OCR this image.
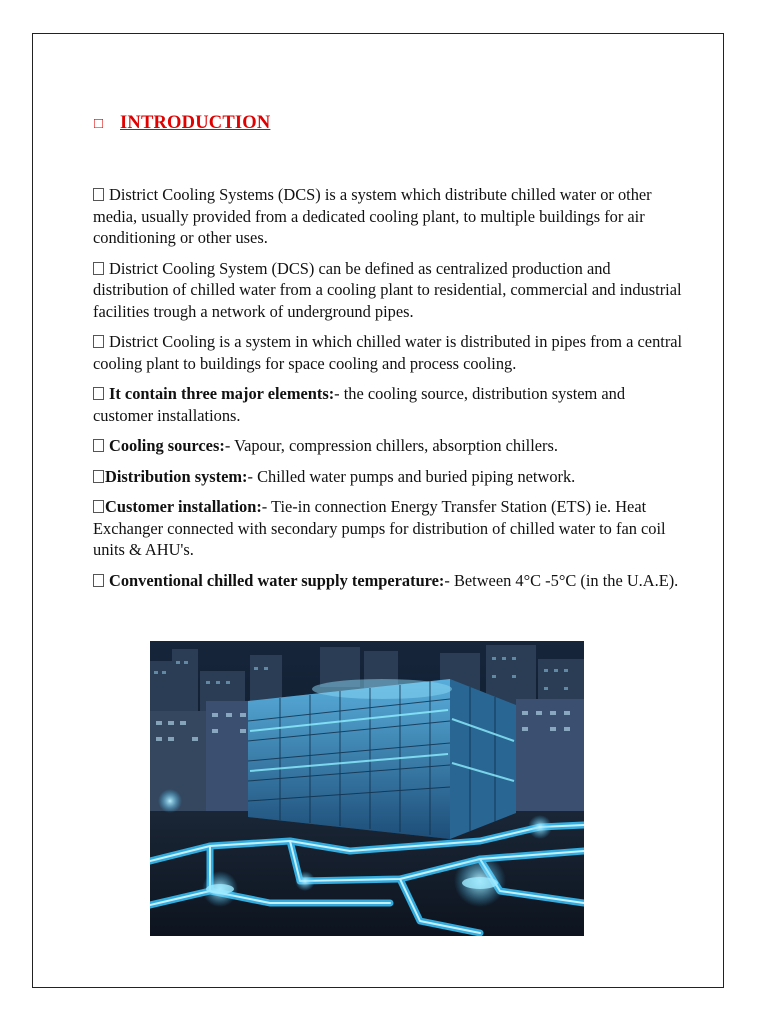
□ INTRODUCTION

District Cooling Systems (DCS) is a system which distribute chilled water or other media, usually provided from a dedicated cooling plant, to multiple buildings for air conditioning or other uses.

District Cooling System (DCS) can be defined as centralized production and distribution of chilled water from a cooling plant to residential, commercial and industrial facilities trough a network of underground pipes.

District Cooling is a system in which chilled water is distributed in pipes from a central cooling plant to buildings for space cooling and process cooling.

It contain three major elements:- the cooling source, distribution system and customer installations.

Cooling sources:- Vapour, compression chillers, absorption chillers.

Distribution system:- Chilled water pumps and buried piping network.

Customer installation:- Tie-in connection Energy Transfer Station (ETS) ie. Heat Exchanger connected with secondary pumps for distribution of chilled water to fan coil units & AHU's.

Conventional chilled water supply temperature:- Between 4°C -5°C (in the U.A.E).
